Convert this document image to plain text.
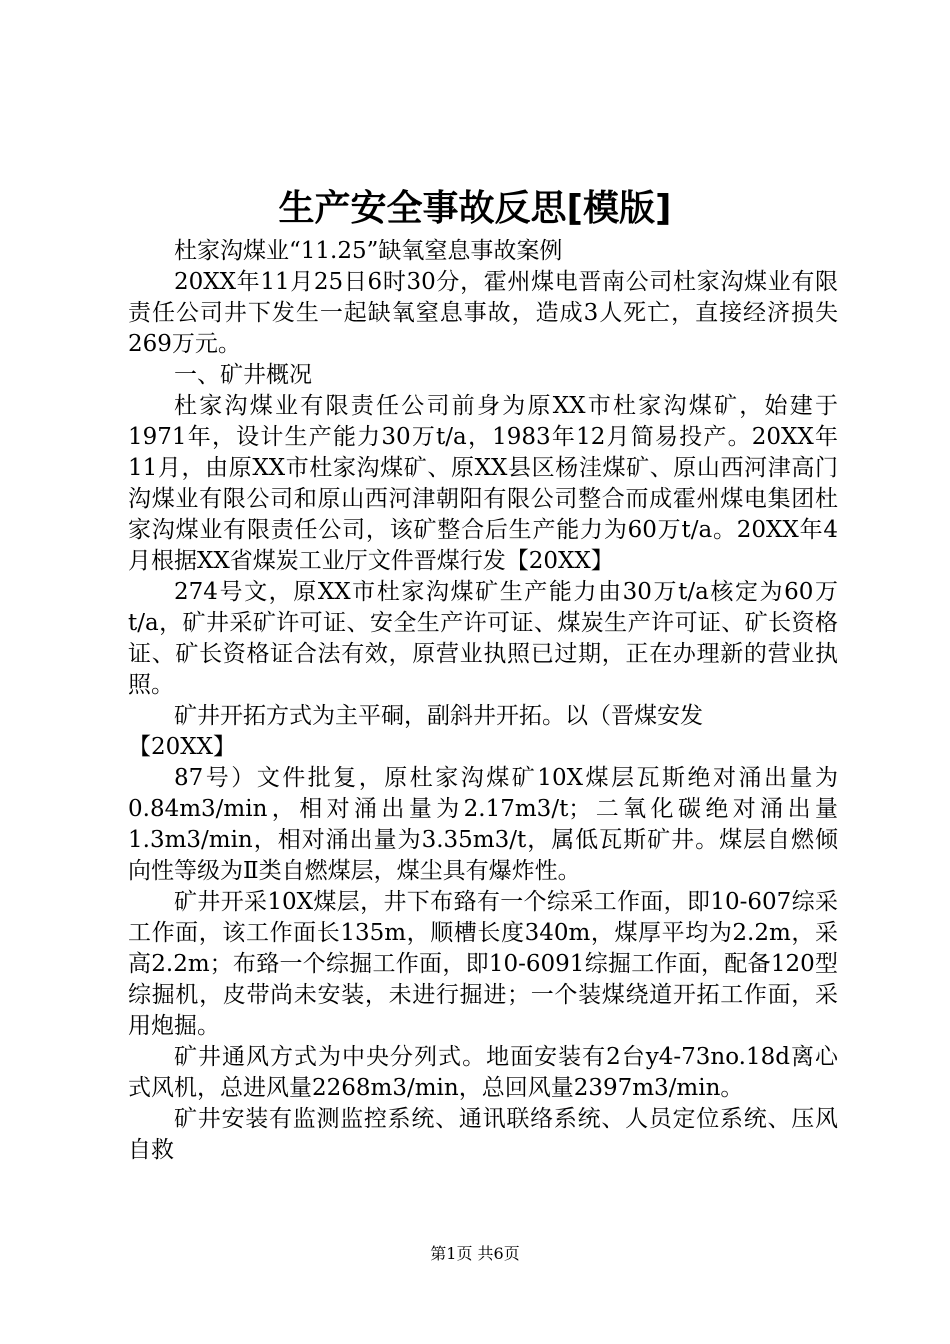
生产安全事故反思[模版]

杜家沟煤业“11.25”缺氧窒息事故案例

20XX年11月25日6时30分，霍州煤电晋南公司杜家沟煤业有限责任公司井下发生一起缺氧窒息事故，造成3人死亡，直接经济损失269万元。

一、矿井概况

杜家沟煤业有限责任公司前身为原XX市杜家沟煤矿，始建于1971年，设计生产能力30万t/a，1983年12月简易投产。20XX年11月，由原XX市杜家沟煤矿、原XX县区杨洼煤矿、原山西河津高门沟煤业有限公司和原山西河津朝阳有限公司整合而成霍州煤电集团杜家沟煤业有限责任公司，该矿整合后生产能力为60万t/a。20XX年4月根据XX省煤炭工业厅文件晋煤行发【20XX】

274号文，原XX市杜家沟煤矿生产能力由30万t/a核定为60万t/a，矿井采矿许可证、安全生产许可证、煤炭生产许可证、矿长资格证、矿长资格证合法有效，原营业执照已过期，正在办理新的营业执照。

矿井开拓方式为主平硐，副斜井开拓。以（晋煤安发

【20XX】

87号）文件批复，原杜家沟煤矿10X煤层瓦斯绝对涌出量为0.84m3/min，相对涌出量为2.17m3/t；二氧化碳绝对涌出量1.3m3/min，相对涌出量为3.35m3/t，属低瓦斯矿井。煤层自燃倾向性等级为Ⅱ类自燃煤层，煤尘具有爆炸性。

矿井开采10X煤层，井下布臵有一个综采工作面，即10-607综采工作面，该工作面长135m，顺槽长度340m，煤厚平均为2.2m，采高2.2m；布臵一个综掘工作面，即10-6091综掘工作面，配备120型综掘机，皮带尚未安装，未进行掘进；一个装煤绕道开拓工作面，采用炮掘。

矿井通风方式为中央分列式。地面安装有2台y4-73no.18d离心式风机，总进风量2268m3/min，总回风量2397m3/min。

矿井安装有监测监控系统、通讯联络系统、人员定位系统、压风自救

第1页 共6页
